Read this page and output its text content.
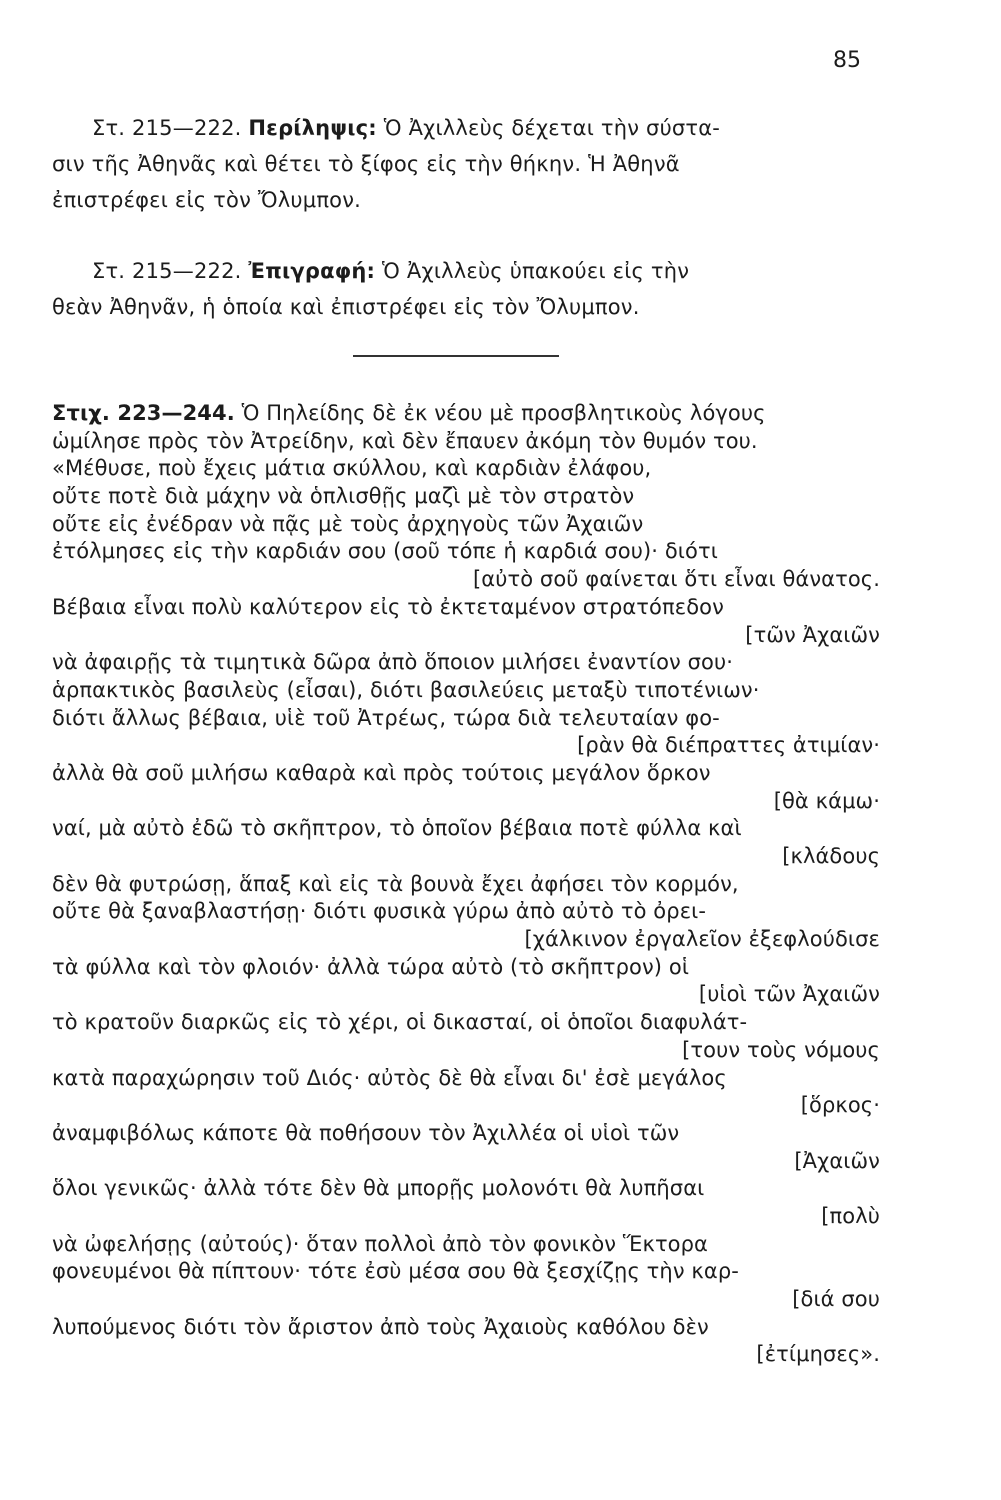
85
Στ. 215—222. Περίληψις: Ὁ Ἀχιλλεὺς δέχεται τὴν σύστα-
σιν τῆς Ἀθηνᾶς καὶ θέτει τὸ ξίφος εἰς τὴν θήκην. Ἡ Ἀθηνᾶ
ἐπιστρέφει εἰς τὸν Ὄλυμπον.
Στ. 215—222. Ἐπιγραφή: Ὁ Ἀχιλλεὺς ὑπακούει εἰς τὴν
θεὰν Ἀθηνᾶν, ἡ ὁποία καὶ ἐπιστρέφει εἰς τὸν Ὄλυμπον.
Στιχ. 223—244. Ὁ Πηλείδης δὲ ἐκ νέου μὲ προσβλητικοὺς λόγους
ὡμίλησε πρὸς τὸν Ἀτρείδην, καὶ δὲν ἔπαυεν ἀκόμη τὸν θυμόν του.
«Μέθυσε, ποὺ ἔχεις μάτια σκύλλου, καὶ καρδιὰν ἐλάφου,
οὔτε ποτὲ διὰ μάχην νὰ ὁπλισθῇς μαζὶ μὲ τὸν στρατὸν
οὔτε εἰς ἐνέδραν νὰ πᾷς μὲ τοὺς ἀρχηγοὺς τῶν Ἀχαιῶν
ἐτόλμησες εἰς τὴν καρδιάν σου (σοῦ τόπε ἡ καρδιά σου)· διότι
[αὐτὸ σοῦ φαίνεται ὅτι εἶναι θάνατος.
Βέβαια εἶναι πολὺ καλύτερον εἰς τὸ ἐκτεταμένον στρατόπεδον
[τῶν Ἀχαιῶν
νὰ ἀφαιρῇς τὰ τιμητικὰ δῶρα ἀπὸ ὅποιον μιλήσει ἐναντίον σου·
ἁρπακτικὸς βασιλεὺς (εἶσαι), διότι βασιλεύεις μεταξὺ τιποτένιων·
διότι ἄλλως βέβαια, υἱὲ τοῦ Ἀτρέως, τώρα διὰ τελευταίαν φο-
[ρὰν θὰ διέπραττες ἀτιμίαν·
ἀλλὰ θὰ σοῦ μιλήσω καθαρὰ καὶ πρὸς τούτοις μεγάλον ὅρκον
[θὰ κάμω·
ναί, μὰ αὐτὸ ἐδῶ τὸ σκῆπτρον, τὸ ὁποῖον βέβαια ποτὲ φύλλα καὶ
[κλάδους
δὲν θὰ φυτρώσῃ, ἅπαξ καὶ εἰς τὰ βουνὰ ἔχει ἀφήσει τὸν κορμόν,
οὔτε θὰ ξαναβλαστήσῃ· διότι φυσικὰ γύρω ἀπὸ αὐτὸ τὸ ὀρει-
[χάλκινον ἐργαλεῖον ἐξεφλούδισε
τὰ φύλλα καὶ τὸν φλοιόν· ἀλλὰ τώρα αὐτὸ (τὸ σκῆπτρον) οἱ
[υἱοὶ τῶν Ἀχαιῶν
τὸ κρατοῦν διαρκῶς εἰς τὸ χέρι, οἱ δικασταί, οἱ ὁποῖοι διαφυλάτ-
[τουν τοὺς νόμους
κατὰ παραχώρησιν τοῦ Διός· αὐτὸς δὲ θὰ εἶναι δι' ἐσὲ μεγάλος
[ὅρκος·
ἀναμφιβόλως κάποτε θὰ ποθήσουν τὸν Ἀχιλλέα οἱ υἱοὶ τῶν
[Ἀχαιῶν
ὅλοι γενικῶς· ἀλλὰ τότε δὲν θὰ μπορῇς μολονότι θὰ λυπῆσαι
[πολὺ
νὰ ὠφελήσῃς (αὐτούς)· ὅταν πολλοὶ ἀπὸ τὸν φονικὸν Ἕκτορα
φονευμένοι θὰ πίπτουν· τότε ἐσὺ μέσα σου θὰ ξεσχίζῃς τὴν καρ-
[διά σου
λυπούμενος διότι τὸν ἄριστον ἀπὸ τοὺς Ἀχαιοὺς καθόλου δὲν
[ἐτίμησες».
